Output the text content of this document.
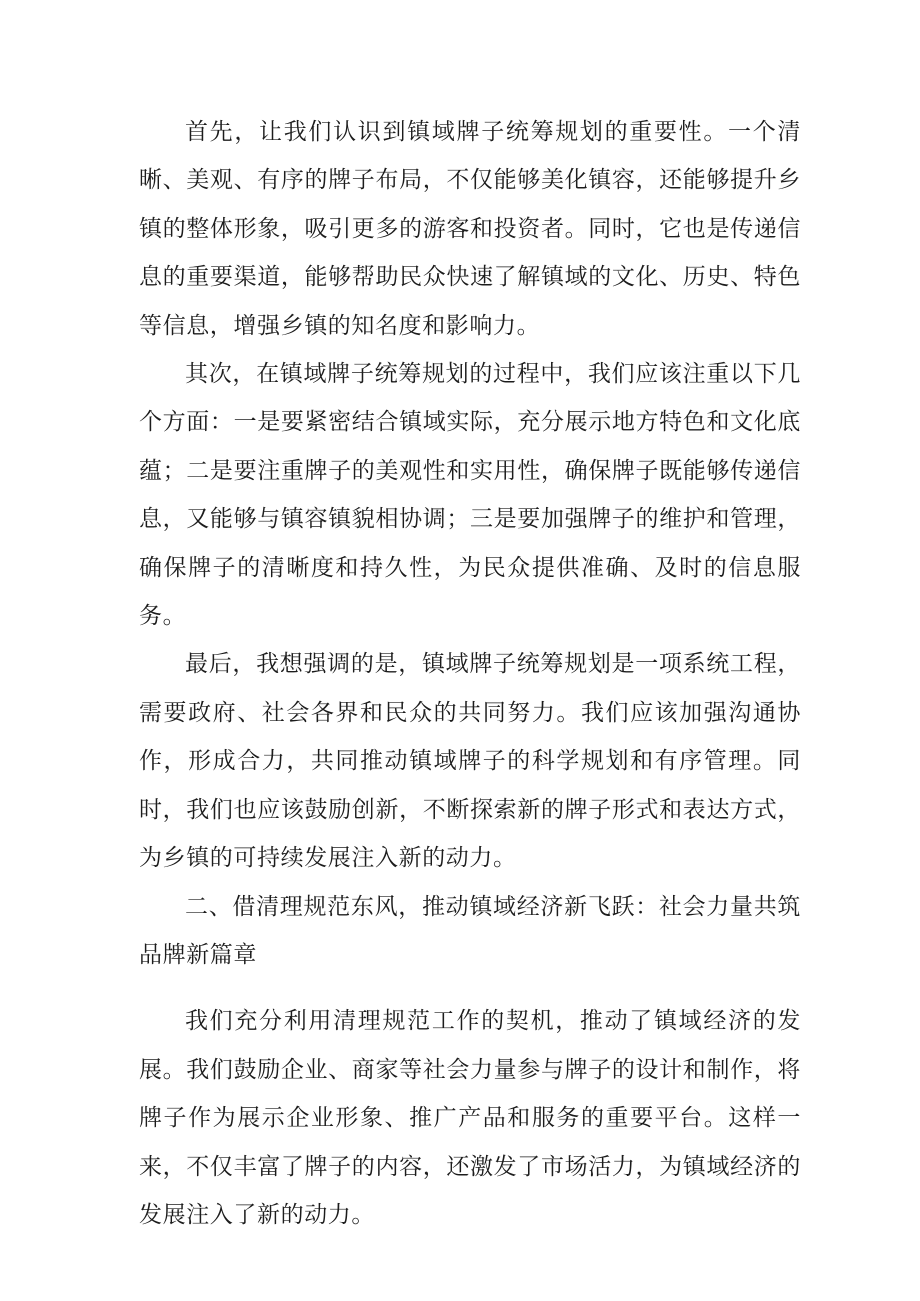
首先，让我们认识到镇域牌子统筹规划的重要性。一个清晰、美观、有序的牌子布局，不仅能够美化镇容，还能够提升乡镇的整体形象，吸引更多的游客和投资者。同时，它也是传递信息的重要渠道，能够帮助民众快速了解镇域的文化、历史、特色等信息，增强乡镇的知名度和影响力。

其次，在镇域牌子统筹规划的过程中，我们应该注重以下几个方面：一是要紧密结合镇域实际，充分展示地方特色和文化底蕴；二是要注重牌子的美观性和实用性，确保牌子既能够传递信息，又能够与镇容镇貌相协调；三是要加强牌子的维护和管理，确保牌子的清晰度和持久性，为民众提供准确、及时的信息服务。

最后，我想强调的是，镇域牌子统筹规划是一项系统工程，需要政府、社会各界和民众的共同努力。我们应该加强沟通协作，形成合力，共同推动镇域牌子的科学规划和有序管理。同时，我们也应该鼓励创新，不断探索新的牌子形式和表达方式，为乡镇的可持续发展注入新的动力。

二、借清理规范东风，推动镇域经济新飞跃：社会力量共筑品牌新篇章

我们充分利用清理规范工作的契机，推动了镇域经济的发展。我们鼓励企业、商家等社会力量参与牌子的设计和制作，将牌子作为展示企业形象、推广产品和服务的重要平台。这样一来，不仅丰富了牌子的内容，还激发了市场活力，为镇域经济的发展注入了新的动力。
